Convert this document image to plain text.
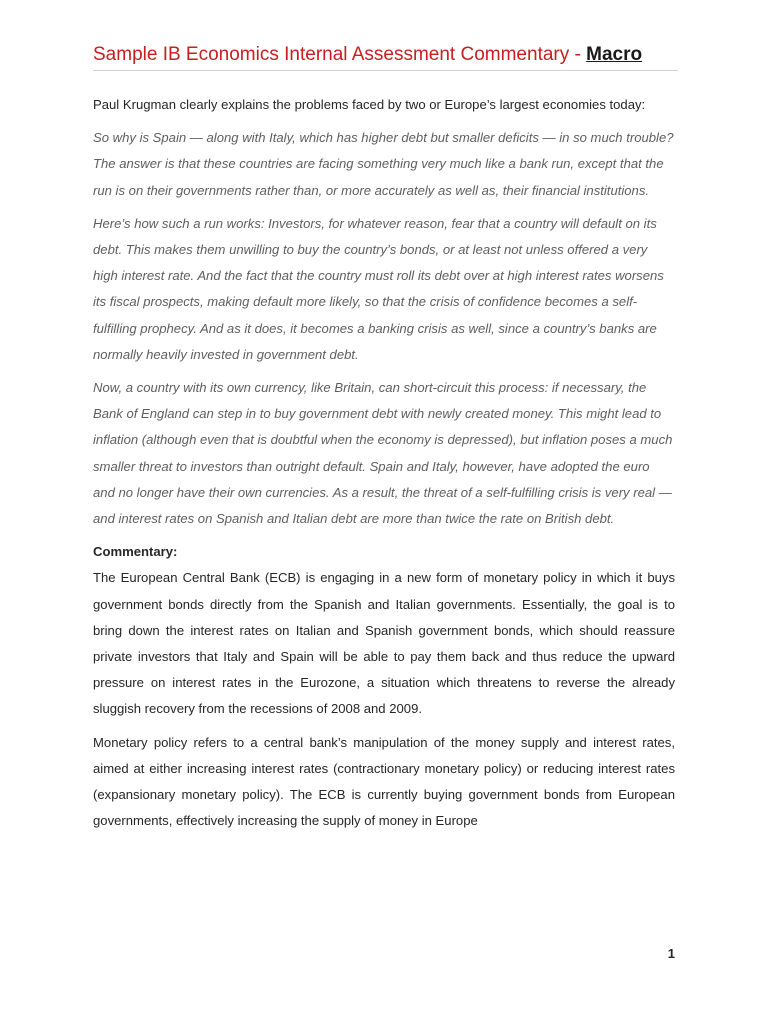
Sample IB Economics Internal Assessment Commentary - Macro

Paul Krugman clearly explains the problems faced by two or Europe’s largest economies today:

So why is Spain — along with Italy, which has higher debt but smaller deficits — in so much trouble? The answer is that these countries are facing something very much like a bank run, except that the run is on their governments rather than, or more accurately as well as, their financial institutions.

Here’s how such a run works: Investors, for whatever reason, fear that a country will default on its debt. This makes them unwilling to buy the country’s bonds, or at least not unless offered a very high interest rate. And the fact that the country must roll its debt over at high interest rates worsens its fiscal prospects, making default more likely, so that the crisis of confidence becomes a self-fulfilling prophecy. And as it does, it becomes a banking crisis as well, since a country’s banks are normally heavily invested in government debt.

Now, a country with its own currency, like Britain, can short-circuit this process: if necessary, the Bank of England can step in to buy government debt with newly created money. This might lead to inflation (although even that is doubtful when the economy is depressed), but inflation poses a much smaller threat to investors than outright default. Spain and Italy, however, have adopted the euro and no longer have their own currencies. As a result, the threat of a self-fulfilling crisis is very real — and interest rates on Spanish and Italian debt are more than twice the rate on British debt.

Commentary:

The European Central Bank (ECB) is engaging in a new form of monetary policy in which it buys government bonds directly from the Spanish and Italian governments. Essentially, the goal is to bring down the interest rates on Italian and Spanish government bonds, which should reassure private investors that Italy and Spain will be able to pay them back and thus reduce the upward pressure on interest rates in the Eurozone, a situation which threatens to reverse the already sluggish recovery from the recessions of 2008 and 2009.

Monetary policy refers to a central bank’s manipulation of the money supply and interest rates, aimed at either increasing interest rates (contractionary monetary policy) or reducing interest rates (expansionary monetary policy). The ECB is currently buying government bonds from European governments, effectively increasing the supply of money in Europe

1
